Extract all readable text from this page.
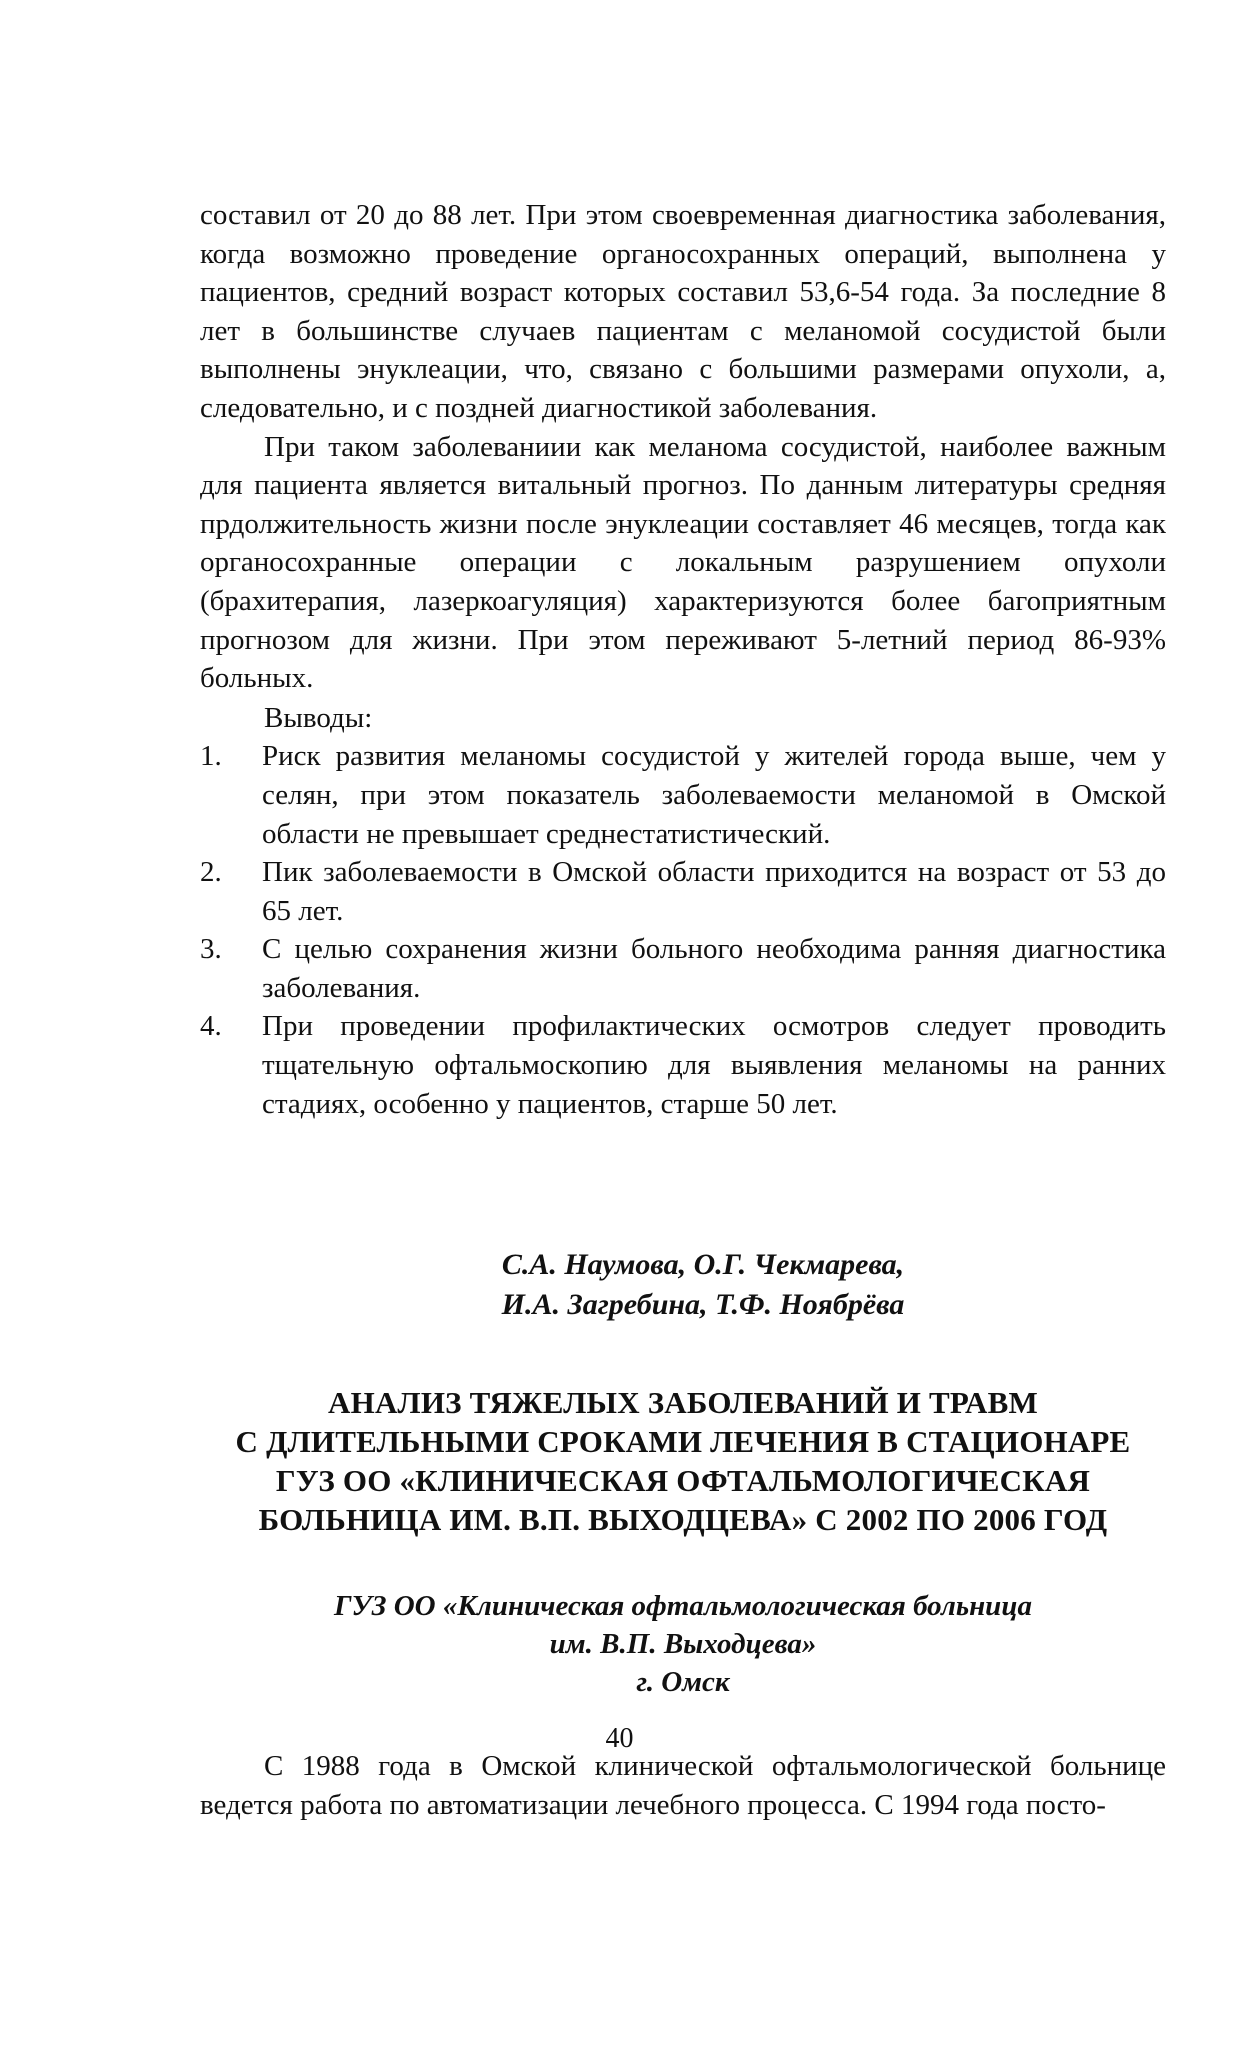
составил от 20 до 88 лет. При этом своевременная диагностика заболевания, когда возможно проведение органосохранных операций, выполнена у пациентов, средний возраст которых составил 53,6-54 года. За последние 8 лет в большинстве случаев пациентам с меланомой сосудистой были выполнены энуклеации, что, связано с большими размерами опухоли, а, следовательно, и с поздней диагностикой заболевания.

При таком заболеваниии как меланома сосудистой, наиболее важным для пациента является витальный прогноз. По данным литературы средняя прдолжительность жизни после энуклеации составляет 46 месяцев, тогда как органосохранные операции с локальным разрушением опухоли (брахитерапия, лазеркоагуляция) характеризуются более багоприятным прогнозом для жизни. При этом переживают 5-летний период 86-93% больных.

Выводы:

1.	Риск развития меланомы сосудистой у жителей города выше, чем у селян, при этом показатель заболеваемости меланомой в Омской области не превышает среднестатистический.
2.	Пик заболеваемости в Омской области приходится на возраст от 53 до 65 лет.
3.	С целью сохранения жизни больного необходима ранняя диагностика заболевания.
4.	При проведении профилактических осмотров следует проводить тщательную офтальмоскопию для выявления меланомы на ранних стадиях, особенно у пациентов, старше 50 лет.
С.А. Наумова, О.Г. Чекмарева,
И.А. Загребина, Т.Ф. Ноябрёва
АНАЛИЗ ТЯЖЕЛЫХ ЗАБОЛЕВАНИЙ И ТРАВМ
С ДЛИТЕЛЬНЫМИ СРОКАМИ ЛЕЧЕНИЯ В СТАЦИОНАРЕ
ГУЗ ОО «КЛИНИЧЕСКАЯ ОФТАЛЬМОЛОГИЧЕСКАЯ
БОЛЬНИЦА ИМ. В.П. ВЫХОДЦЕВА» С 2002 ПО 2006 ГОД
ГУЗ ОО «Клиническая офтальмологическая больница
им. В.П. Выходцева»
г. Омск

С 1988 года в Омской клинической офтальмологической больнице ведется работа по автоматизации лечебного процесса. С 1994 года посто-

40
